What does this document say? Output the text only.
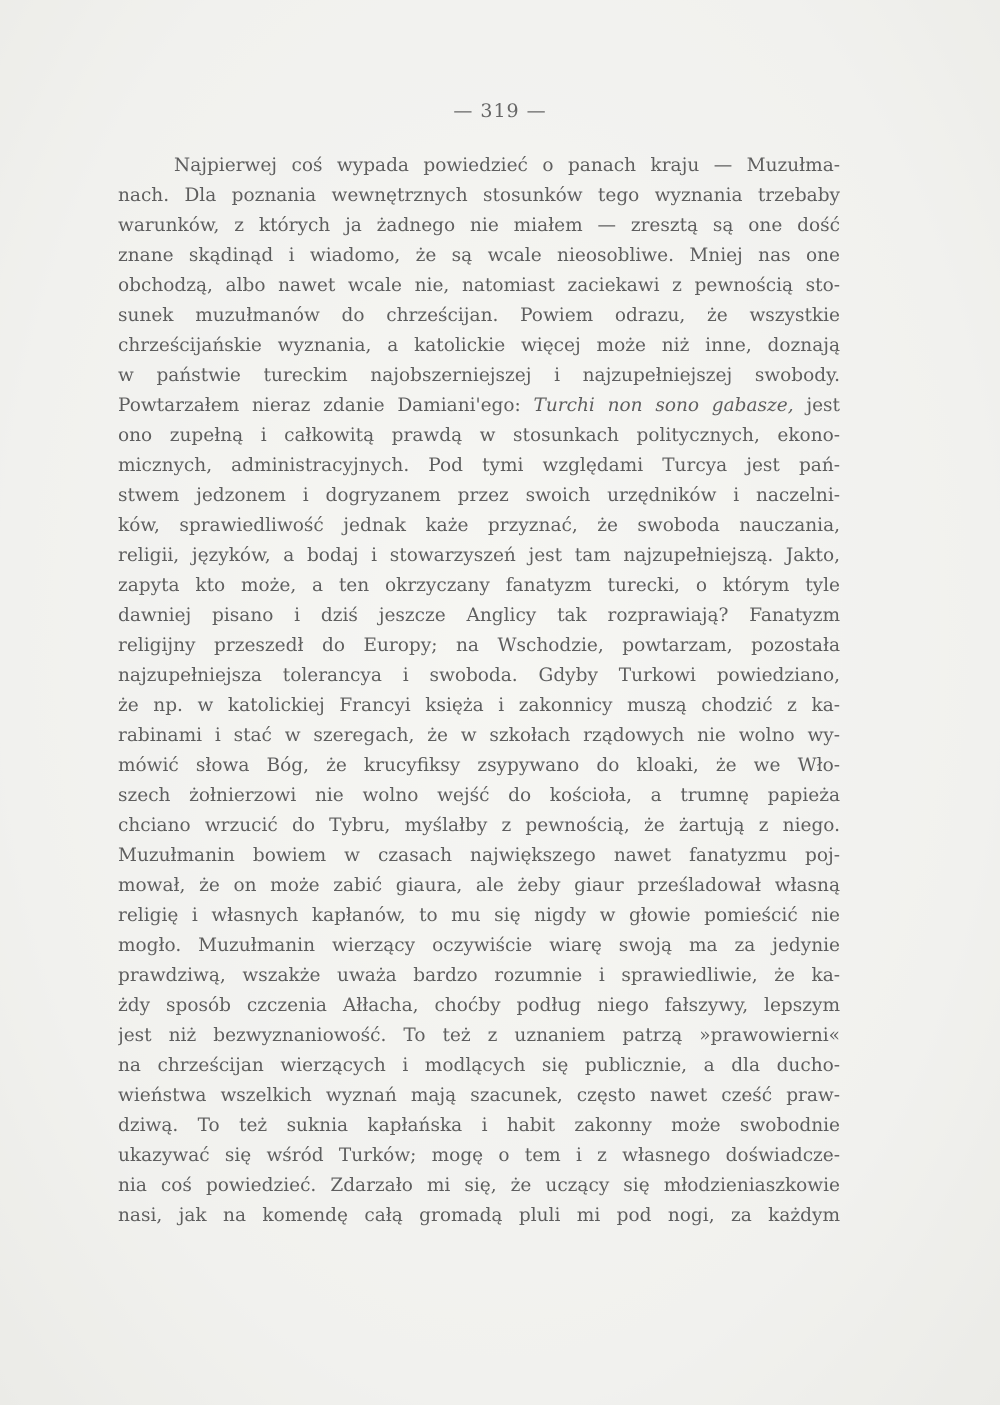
— 319 —
Najpierwej coś wypada powiedzieć o panach kraju — Muzułma-
nach. Dla poznania wewnętrznych stosunków tego wyznania trzebaby
warunków, z których ja żadnego nie miałem — zresztą są one dość
znane skądinąd i wiadomo, że są wcale nieosobliwe. Mniej nas one
obchodzą, albo nawet wcale nie, natomiast zaciekawi z pewnością sto-
sunek muzułmanów do chrześcijan. Powiem odrazu, że wszystkie
chrześcijańskie wyznania, a katolickie więcej może niż inne, doznają
w państwie tureckim najobszerniejszej i najzupełniejszej swobody.
Powtarzałem nieraz zdanie Damiani'ego: Turchi non sono gabasze, jest
ono zupełną i całkowitą prawdą w stosunkach politycznych, ekono-
micznych, administracyjnych. Pod tymi względami Turcya jest pań-
stwem jedzonem i dogryzanem przez swoich urzędników i naczelni-
ków, sprawiedliwość jednak każe przyznać, że swoboda nauczania,
religii, języków, a bodaj i stowarzyszeń jest tam najzupełniejszą. Jakto,
zapyta kto może, a ten okrzyczany fanatyzm turecki, o którym tyle
dawniej pisano i dziś jeszcze Anglicy tak rozprawiają? Fanatyzm
religijny przeszedł do Europy; na Wschodzie, powtarzam, pozostała
najzupełniejsza tolerancya i swoboda. Gdyby Turkowi powiedziano,
że np. w katolickiej Francyi księża i zakonnicy muszą chodzić z ka-
rabinami i stać w szeregach, że w szkołach rządowych nie wolno wy-
mówić słowa Bóg, że krucyfiksy zsypywano do kloaki, że we Wło-
szech żołnierzowi nie wolno wejść do kościoła, a trumnę papieża
chciano wrzucić do Tybru, myślałby z pewnością, że żartują z niego.
Muzułmanin bowiem w czasach największego nawet fanatyzmu poj-
mował, że on może zabić giaura, ale żeby giaur prześladował własną
religię i własnych kapłanów, to mu się nigdy w głowie pomieścić nie
mogło. Muzułmanin wierzący oczywiście wiarę swoją ma za jedynie
prawdziwą, wszakże uważa bardzo rozumnie i sprawiedliwie, że ka-
żdy sposób czczenia Ałłacha, choćby podług niego fałszywy, lepszym
jest niż bezwyznaniowość. To też z uznaniem patrzą »prawowierni«
na chrześcijan wierzących i modlących się publicznie, a dla ducho-
wieństwa wszelkich wyznań mają szacunek, często nawet cześć praw-
dziwą. To też suknia kapłańska i habit zakonny może swobodnie
ukazywać się wśród Turków; mogę o tem i z własnego doświadcze-
nia coś powiedzieć. Zdarzało mi się, że uczący się młodzieniaszkowie
nasi, jak na komendę całą gromadą pluli mi pod nogi, za każdym
